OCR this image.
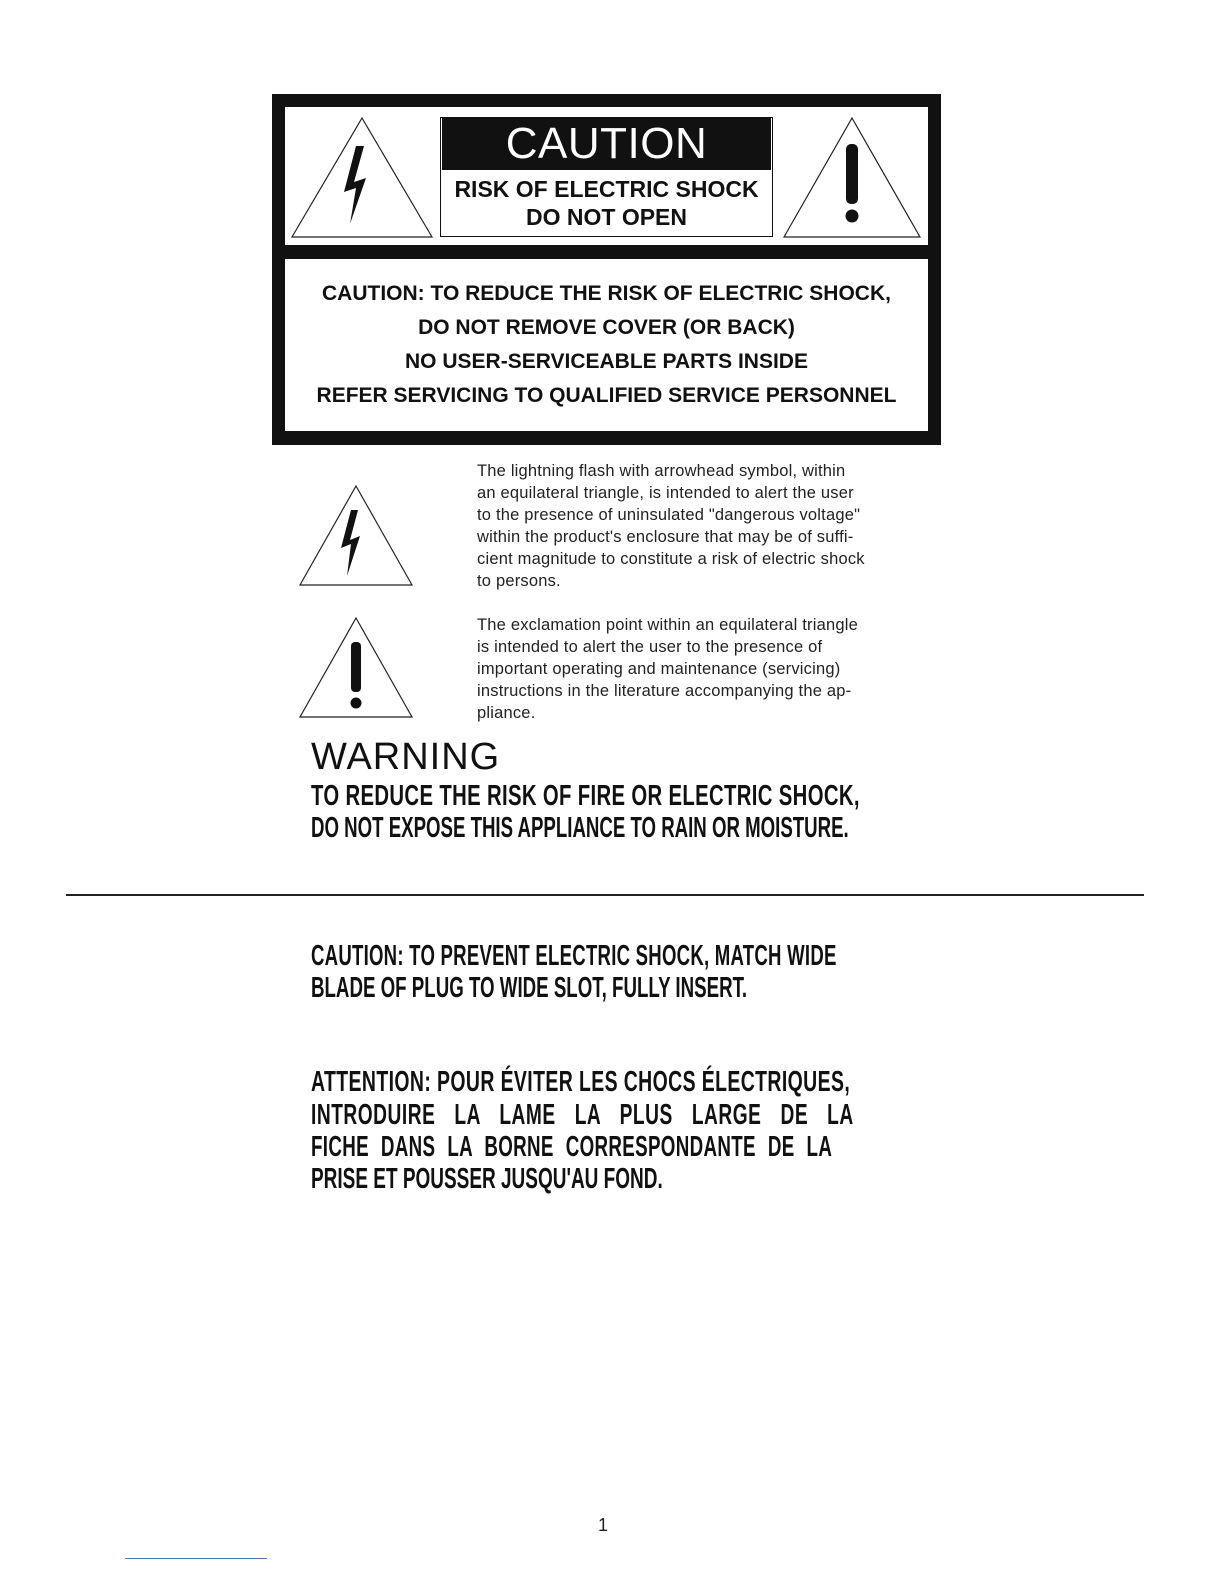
CAUTION
RISK OF ELECTRIC SHOCK
DO NOT OPEN
CAUTION: TO REDUCE THE RISK OF ELECTRIC SHOCK,
DO NOT REMOVE COVER (OR BACK)
NO USER-SERVICEABLE PARTS INSIDE
REFER SERVICING TO QUALIFIED SERVICE PERSONNEL
The lightning flash with arrowhead symbol, within
an equilateral triangle, is intended to alert the user
to the presence of uninsulated "dangerous voltage"
within the product's enclosure that may be of suffi-
cient magnitude to constitute a risk of electric shock
to persons.
The exclamation point within an equilateral triangle
is intended to alert the user to the presence of
important operating and maintenance (servicing)
instructions in the literature accompanying the ap-
pliance.
WARNING
TO REDUCE THE RISK OF FIRE OR ELECTRIC SHOCK,
DO NOT EXPOSE THIS APPLIANCE TO RAIN OR MOISTURE.
CAUTION: TO PREVENT ELECTRIC SHOCK, MATCH WIDE
BLADE OF PLUG TO WIDE SLOT, FULLY INSERT.
ATTENTION: POUR ÉVITER LES CHOCS ÉLECTRIQUES,
INTRODUIRE LA LAME LA PLUS LARGE DE LA
FICHE DANS LA BORNE CORRESPONDANTE DE LA
PRISE ET POUSSER JUSQU'AU FOND.
1
